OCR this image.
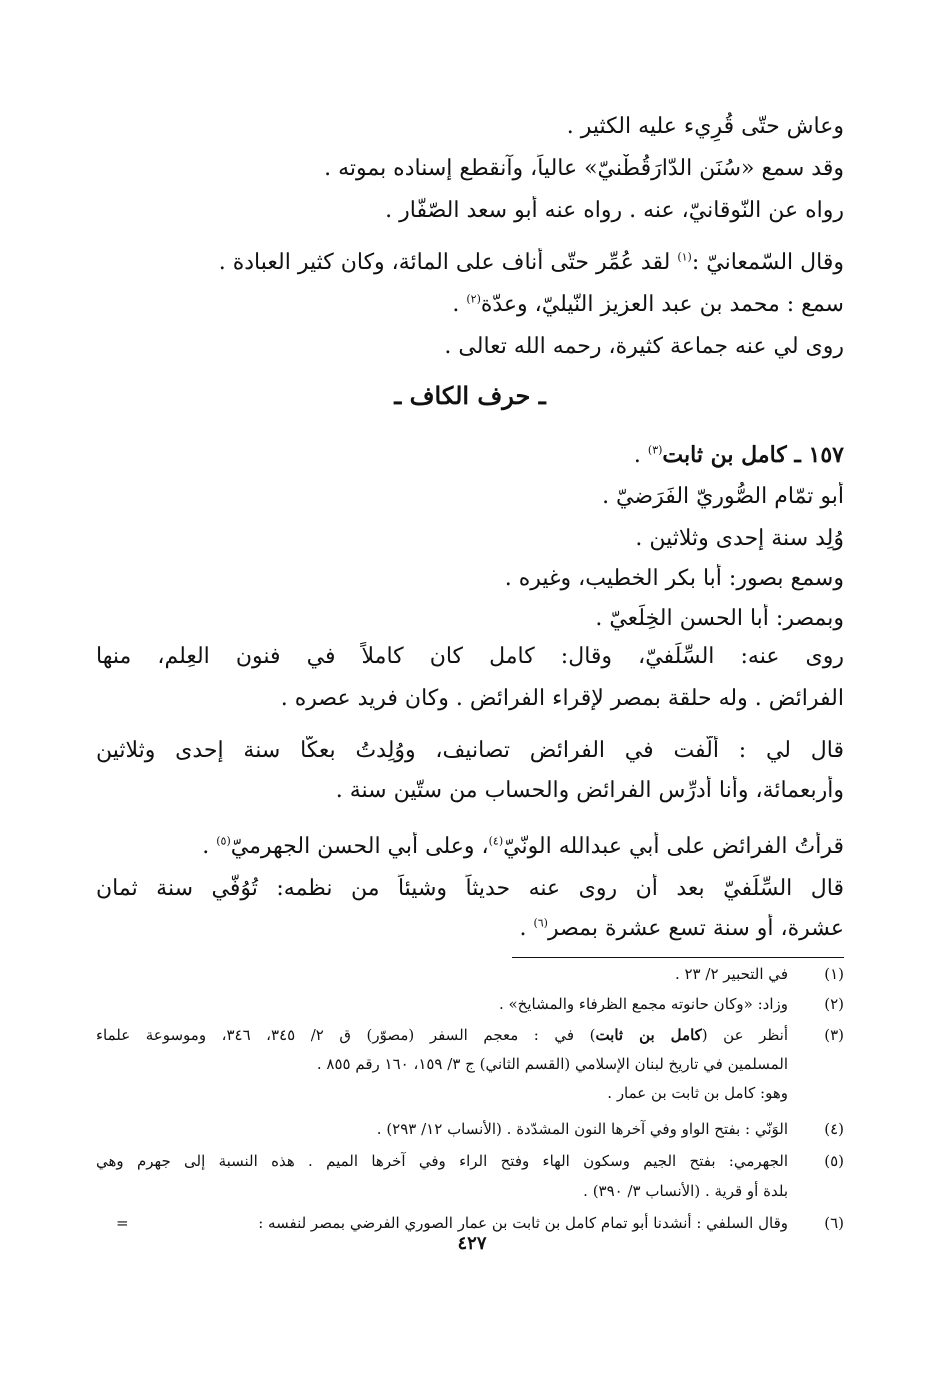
وعاش حتّى قُرِيء عليه الكثير .
وقد سمع «سُنَن الدّارَقُطْنيّ» عالياً، وآنقطع إسناده بموته .
رواه عن النّوقانيّ، عنه . رواه عنه أبو سعد الصّفّار .
وقال السّمعانيّ :$^{(١)}$ لقد عُمِّر حتّى أناف على المائة، وكان كثير العبادة .
سمع : محمد بن عبد العزيز النّيليّ، وعدّة$^{(٢)}$ .
روى لي عنه جماعة كثيرة، رحمه الله تعالى .
ـ حرف الكاف ـ
١٥٧ ـ كامل بن ثابت$^{(٣)}$ .
أبو تمّام الصُّوريّ الفَرَضيّ .
وُلِد سنة إحدى وثلاثين .
وسمع بصور: أبا بكر الخطيب، وغيره .
وبمصر: أبا الحسن الخِلَعيّ .
روى عنه: السِّلَفيّ، وقال: كامل كان كاملاً في فنون العِلم، منها
الفرائض . وله حلقة بمصر لإقراء الفرائض . وكان فريد عصره .
قال لي : أُلّفت في الفرائض تصانيف، ووُلِدتُ بعكّا سنة إحدى وثلاثين
وأربعمائة، وأنا أدرِّس الفرائض والحساب من ستّين سنة .
قرأتُ الفرائض على أبي عبدالله الونّيّ$^{(٤)}$، وعلى أبي الحسن الجهرميّ$^{(٥)}$ .
قال السِّلَفيّ بعد أن روى عنه حديثاً وشيئاً من نظمه: تُوُفّي سنة ثمان
عشرة، أو سنة تسع عشرة بمصر$^{(٦)}$ .
(١)
في التحبير ٢/ ٢٣ .
(٢)
وزاد: «وكان حانوته مجمع الظرفاء والمشايخ» .
(٣)
أنظر عن (كامل بن ثابت) في : معجم السفر (مصوّر) ق ٢/ ٣٤٥، ٣٤٦، وموسوعة علماء
المسلمين في تاريخ لبنان الإسلامي (القسم الثاني) ج ٣/ ١٥٩، ١٦٠ رقم ٨٥٥ .
وهو: كامل بن ثابت بن عمار .
(٤)
الوَنّي : بفتح الواو وفي آخرها النون المشدّدة . (الأنساب ١٢/ ٢٩٣) .
(٥)
الجهرمي: بفتح الجيم وسكون الهاء وفتح الراء وفي آخرها الميم . هذه النسبة إلى جهرم وهي
بلدة أو قرية . (الأنساب ٣/ ٣٩٠) .
(٦)
وقال السلفي : أنشدنا أبو تمام كامل بن ثابت بن عمار الصوري الفرضي بمصر لنفسه :
=
٤٢٧
